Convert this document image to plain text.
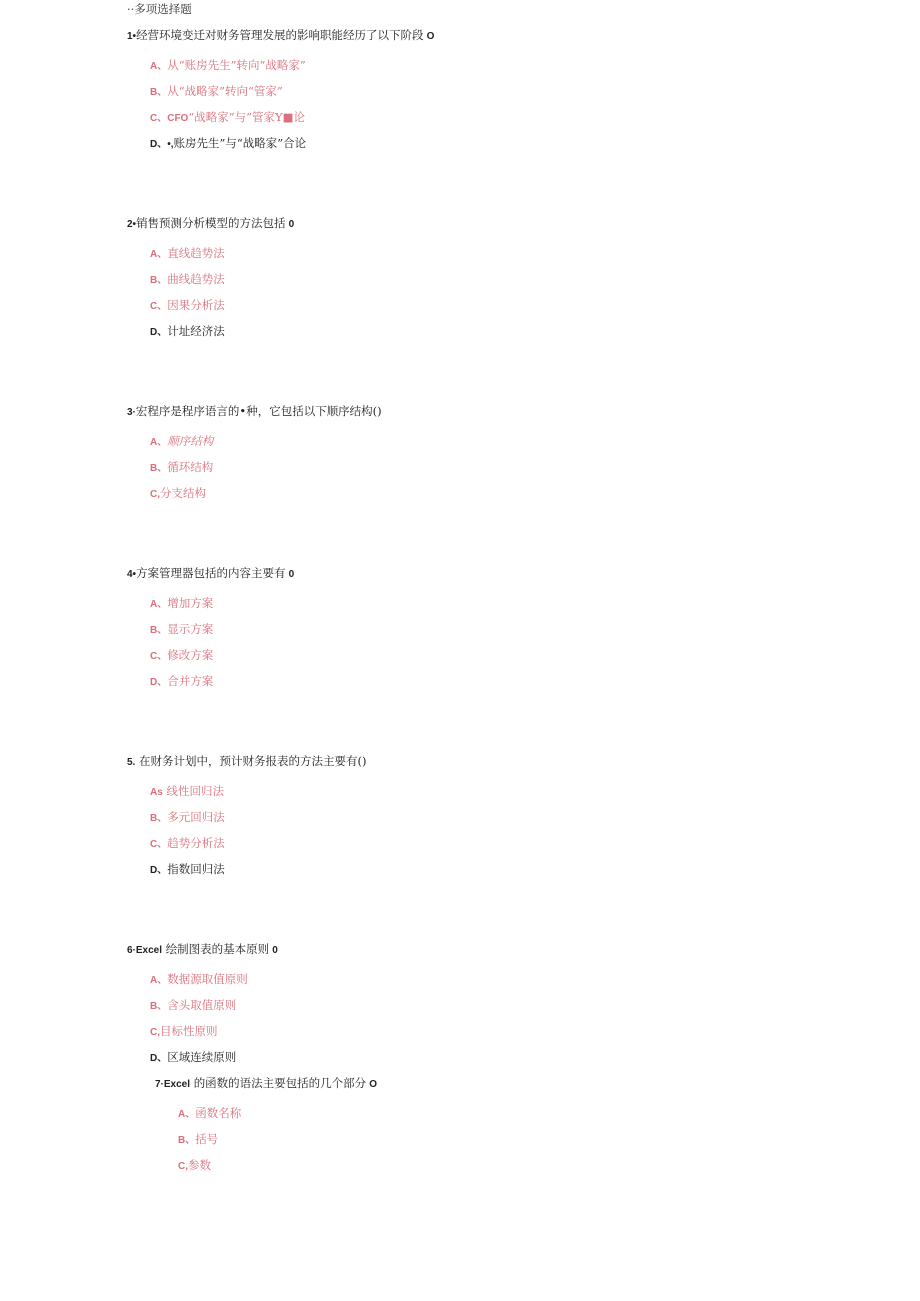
··多项选择题
1•经营环境变迁对财务管理发展的影响职能经历了以下阶段 O
A、从“账房先生”转向“战略家”
B、从“战略家”转向“管家”
C、CFO“战略家”与“管家Y■论
D、•,账房先生”与“战略家”合论
2•销售预测分析模型的方法包括 0
A、直线趋势法
B、曲线趋势法
C、因果分析法
D、计址经济法
3·宏程序是程序语言的•种，它包括以下顺序结构()
A、顺序结构
B、循环结构
C,分支结构
4•方案管理器包括的内容主要有 0
A、增加方案
B、显示方案
C、修改方案
D、合并方案
5. 在财务计划中，预计财务报表的方法主要有()
As 线性回归法
B、多元回归法
C、趋势分析法
D、指数回归法
6·Excel 绘制图表的基本原则 0
A、数据源取值原则
B、含头取值原则
C,目标性原则
D、区域连续原则
7·Excel 的函数的语法主要包括的几个部分 O
A、函数名称
B、括号
C,参数
